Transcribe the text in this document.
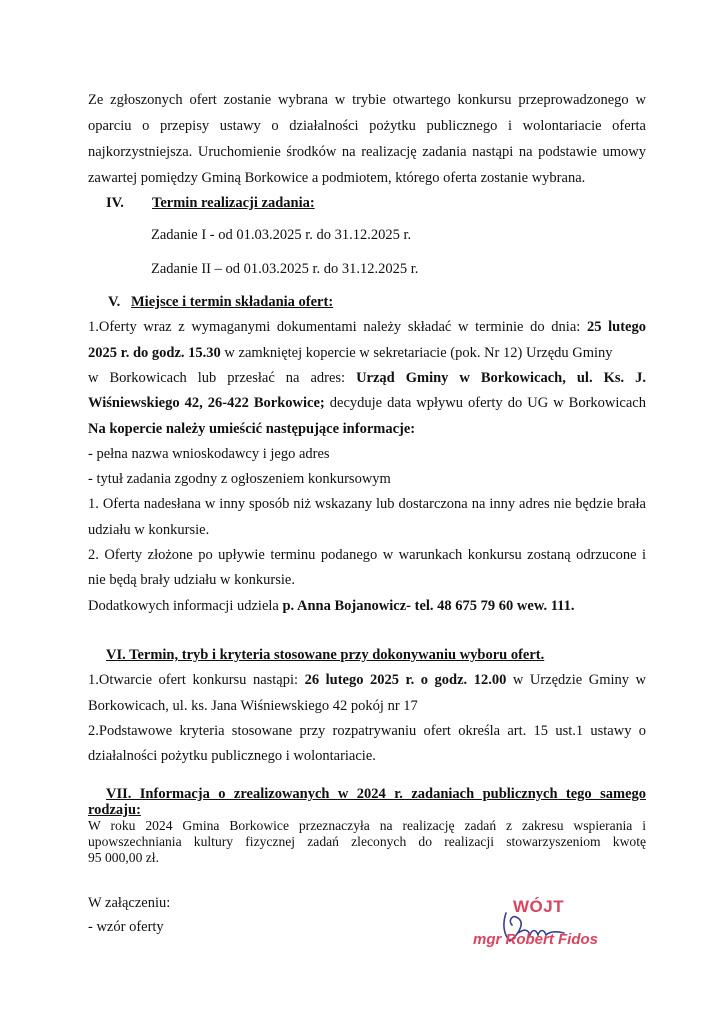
Ze zgłoszonych ofert zostanie wybrana w trybie otwartego konkursu przeprowadzonego w
oparciu o przepisy ustawy o działalności pożytku publicznego i wolontariacie oferta
najkorzystniejsza. Uruchomienie środków na realizację zadania nastąpi na podstawie umowy
zawartej pomiędzy Gminą Borkowice a podmiotem, którego oferta zostanie wybrana.
IV. Termin realizacji zadania:
Zadanie I - od 01.03.2025 r. do 31.12.2025 r.
Zadanie II – od 01.03.2025 r. do 31.12.2025 r.
V. Miejsce i termin składania ofert:
1.Oferty wraz z wymaganymi dokumentami należy składać w terminie do dnia: 25 lutego
2025 r. do godz. 15.30 w zamkniętej kopercie w sekretariacie (pok. Nr 12) Urzędu Gminy
w Borkowicach lub przesłać na adres: Urząd Gminy w Borkowicach, ul. Ks. J.
Wiśniewskiego 42, 26-422 Borkowice; decyduje data wpływu oferty do UG w Borkowicach
Na kopercie należy umieścić następujące informacje:
- pełna nazwa wnioskodawcy i jego adres
- tytuł zadania zgodny z ogłoszeniem konkursowym
1. Oferta nadesłana w inny sposób niż wskazany lub dostarczona na inny adres nie będzie brała
udziału w konkursie.
2. Oferty złożone po upływie terminu podanego w warunkach konkursu zostaną odrzucone i
nie będą brały udziału w konkursie.
Dodatkowych informacji udziela p. Anna Bojanowicz- tel. 48 675 79 60 wew. 111.
VI. Termin, tryb i kryteria stosowane przy dokonywaniu wyboru ofert.
1.Otwarcie ofert konkursu nastąpi: 26 lutego 2025 r. o godz. 12.00 w Urzędzie Gminy w
Borkowicach, ul. ks. Jana Wiśniewskiego 42 pokój nr 17
2.Podstawowe kryteria stosowane przy rozpatrywaniu ofert określa art. 15 ust.1 ustawy o
działalności pożytku publicznego i wolontariacie.
VII. Informacja o zrealizowanych w 2024 r. zadaniach publicznych tego samego
rodzaju:
W roku 2024 Gmina Borkowice przeznaczyła na realizację zadań z zakresu wspierania i
upowszechniania kultury fizycznej zadań zleconych do realizacji stowarzyszeniom kwotę
95 000,00 zł.
W załączeniu:
- wzór oferty
WÓJT
mgr Robert Fidos
